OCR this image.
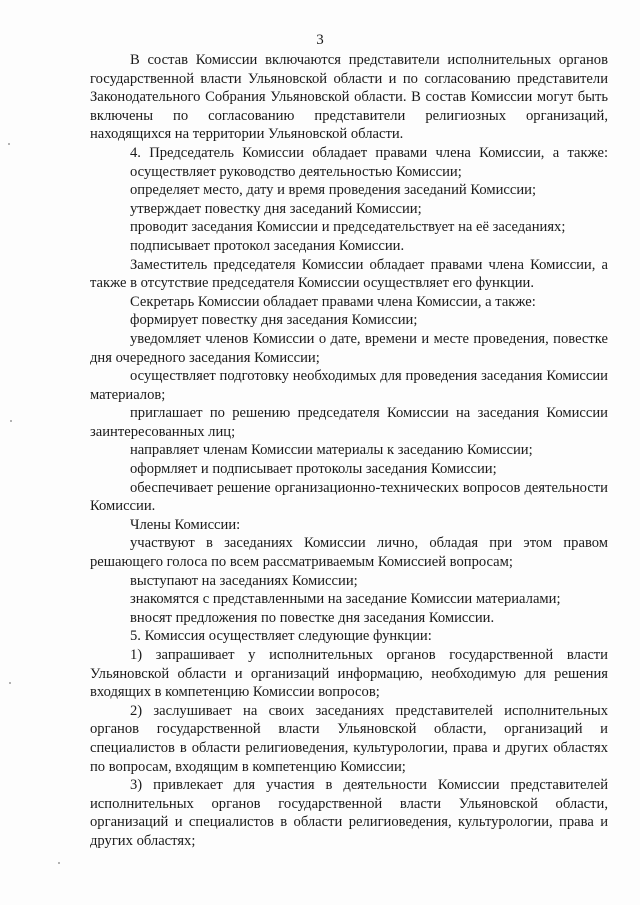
3

В состав Комиссии включаются представители исполнительных органов государственной власти Ульяновской области и по согласованию представители Законодательного Собрания Ульяновской области. В состав Комиссии могут быть включены по согласованию представители религиозных организаций, находящихся на территории Ульяновской области.

4. Председатель Комиссии обладает правами члена Комиссии, а также:

осуществляет руководство деятельностью Комиссии;

определяет место, дату и время проведения заседаний Комиссии;

утверждает повестку дня заседаний Комиссии;

проводит заседания Комиссии и председательствует на её заседаниях;

подписывает протокол заседания Комиссии.

Заместитель председателя Комиссии обладает правами члена Комиссии, а также в отсутствие председателя Комиссии осуществляет его функции.

Секретарь Комиссии обладает правами члена Комиссии, а также:

формирует повестку дня заседания Комиссии;

уведомляет членов Комиссии о дате, времени и месте проведения, повестке дня очередного заседания Комиссии;

осуществляет подготовку необходимых для проведения заседания Комиссии материалов;

приглашает по решению председателя Комиссии на заседания Комиссии заинтересованных лиц;

направляет членам Комиссии материалы к заседанию Комиссии;

оформляет и подписывает протоколы заседания Комиссии;

обеспечивает решение организационно-технических вопросов деятельности Комиссии.

Члены Комиссии:

участвуют в заседаниях Комиссии лично, обладая при этом правом решающего голоса по всем рассматриваемым Комиссией вопросам;

выступают на заседаниях Комиссии;

знакомятся с представленными на заседание Комиссии материалами;

вносят предложения по повестке дня заседания Комиссии.

5. Комиссия осуществляет следующие функции:

1) запрашивает у исполнительных органов государственной власти Ульяновской области и организаций информацию, необходимую для решения входящих в компетенцию Комиссии вопросов;

2) заслушивает на своих заседаниях представителей исполнительных органов государственной власти Ульяновской области, организаций и специалистов в области религиоведения, культурологии, права и других областях по вопросам, входящим в компетенцию Комиссии;

3) привлекает для участия в деятельности Комиссии представителей исполнительных органов государственной власти Ульяновской области, организаций и специалистов в области религиоведения, культурологии, права и других областях;
